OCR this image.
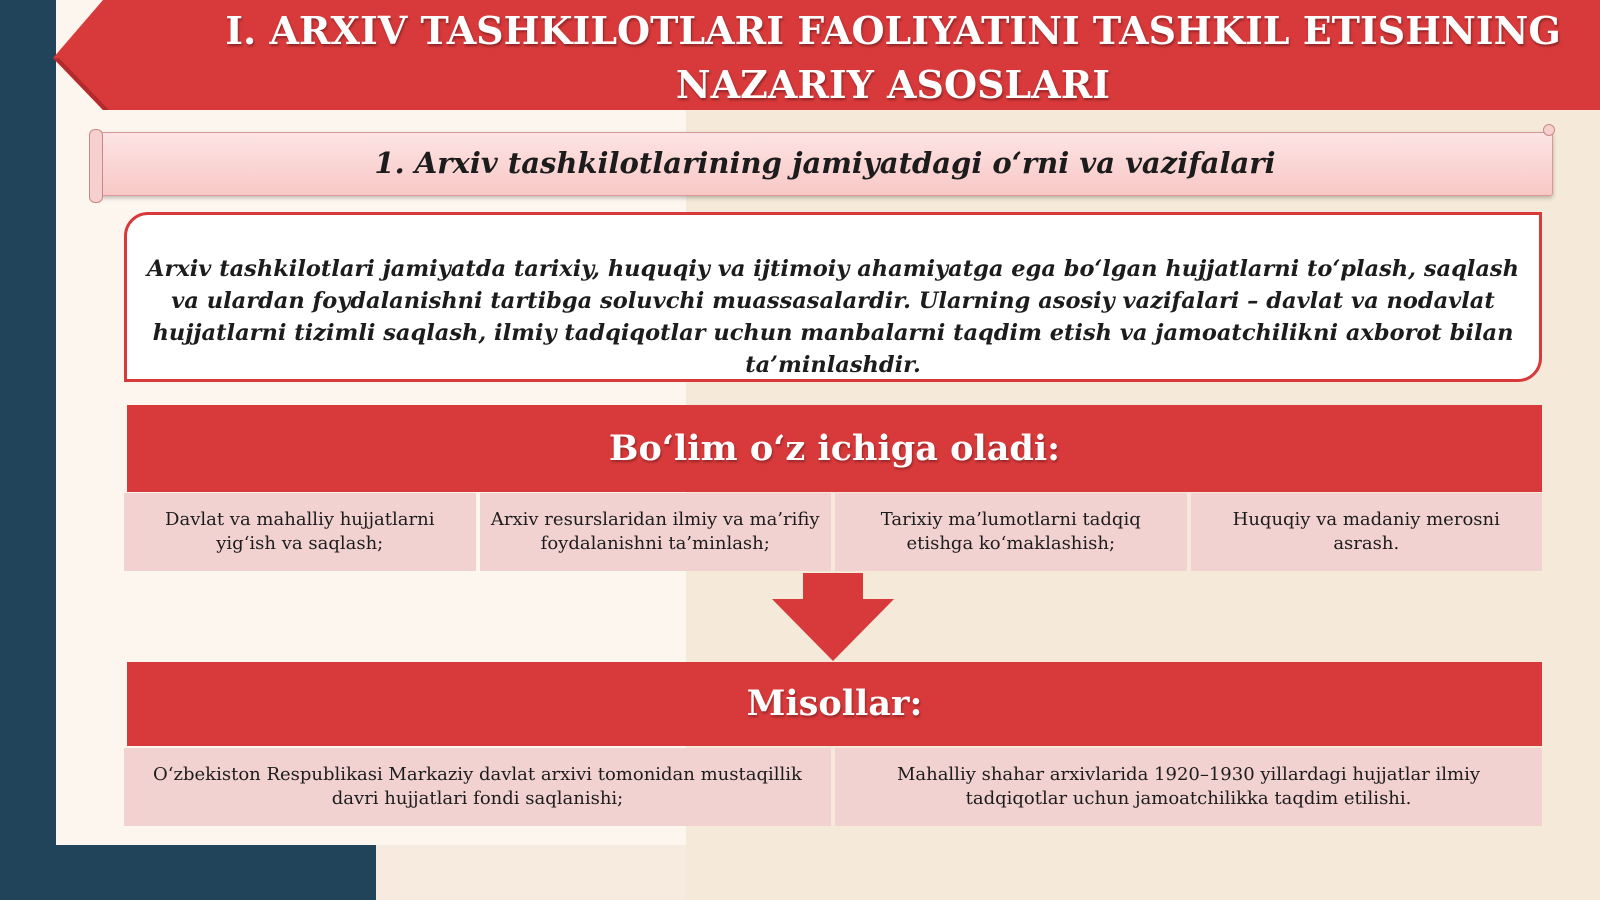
I. ARXIV TASHKILOTLARI FAOLIYATINI TASHKIL ETISHNING NAZARIY ASOSLARI
1. Arxiv tashkilotlarining jamiyatdagi o‘rni va vazifalari
Arxiv tashkilotlari jamiyatda tarixiy, huquqiy va ijtimoiy ahamiyatga ega bo‘lgan hujjatlarni to‘plash, saqlash va ulardan foydalanishni tartibga soluvchi muassasalardir. Ularning asosiy vazifalari – davlat va nodavlat hujjatlarni tizimli saqlash, ilmiy tadqiqotlar uchun manbalarni taqdim etish va jamoatchilikni axborot bilan ta’minlashdir.
Bo‘lim o‘z ichiga oladi:
Davlat va mahalliy hujjatlarni yig‘ish va saqlash;
Arxiv resurslaridan ilmiy va ma’rifiy foydalanishni ta’minlash;
Tarixiy ma’lumotlarni tadqiq etishga ko‘maklashish;
Huquqiy va madaniy merosni asrash.
Misollar:
O‘zbekiston Respublikasi Markaziy davlat arxivi tomonidan mustaqillik davri hujjatlari fondi saqlanishi;
Mahalliy shahar arxivlarida 1920–1930 yillardagi hujjatlar ilmiy tadqiqotlar uchun jamoatchilikka taqdim etilishi.
